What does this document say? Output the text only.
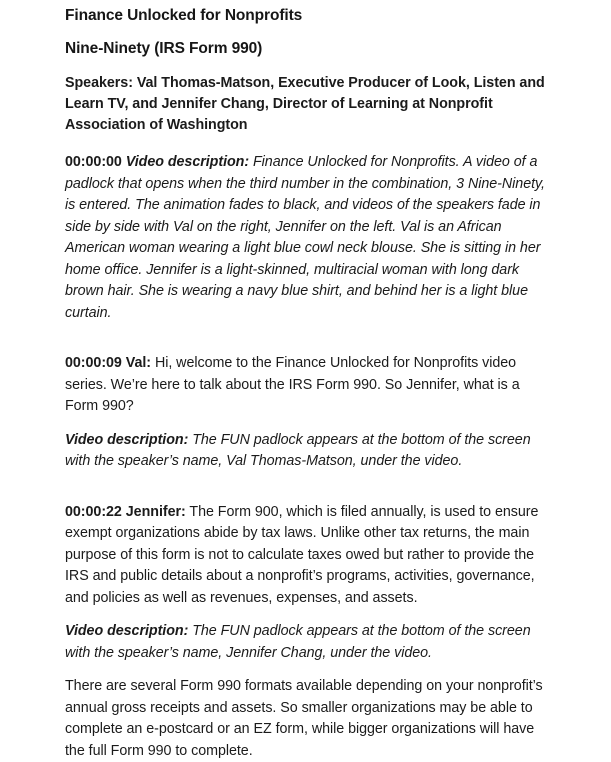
Finance Unlocked for Nonprofits
Nine-Ninety (IRS Form 990)

Speakers: Val Thomas-Matson, Executive Producer of Look, Listen and Learn TV, and Jennifer Chang, Director of Learning at Nonprofit Association of Washington

00:00:00 Video description: Finance Unlocked for Nonprofits. A video of a padlock that opens when the third number in the combination, 3 Nine-Ninety, is entered. The animation fades to black, and videos of the speakers fade in side by side with Val on the right, Jennifer on the left. Val is an African American woman wearing a light blue cowl neck blouse. She is sitting in her home office. Jennifer is a light-skinned, multiracial woman with long dark brown hair. She is wearing a navy blue shirt, and behind her is a light blue curtain.

00:00:09 Val: Hi, welcome to the Finance Unlocked for Nonprofits video series. We’re here to talk about the IRS Form 990. So Jennifer, what is a Form 990?

Video description: The FUN padlock appears at the bottom of the screen with the speaker’s name, Val Thomas-Matson, under the video.

00:00:22 Jennifer: The Form 900, which is filed annually, is used to ensure exempt organizations abide by tax laws. Unlike other tax returns, the main purpose of this form is not to calculate taxes owed but rather to provide the IRS and public details about a nonprofit’s programs, activities, governance, and policies as well as revenues, expenses, and assets.

Video description: The FUN padlock appears at the bottom of the screen with the speaker’s name, Jennifer Chang, under the video.

There are several Form 990 formats available depending on your nonprofit’s annual gross receipts and assets. So smaller organizations may be able to complete an e-postcard or an EZ form, while bigger organizations will have the full Form 990 to complete.
